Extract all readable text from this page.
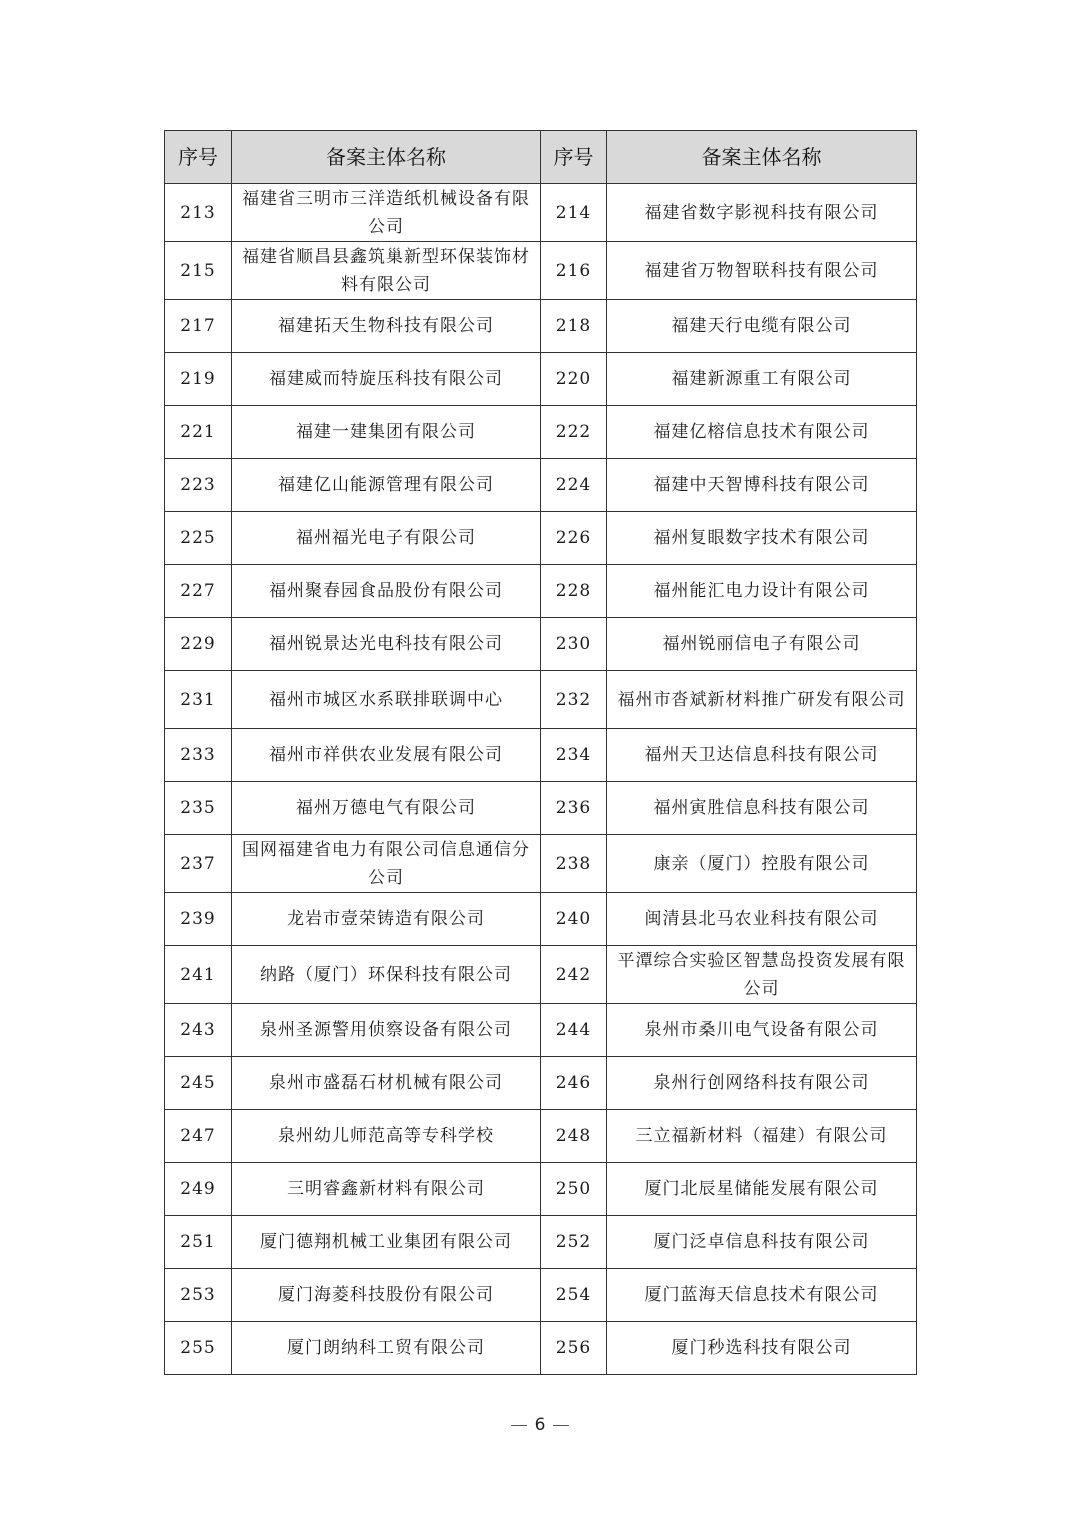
序号	备案主体名称	序号	备案主体名称
213	福建省三明市三洋造纸机械设备有限公司	214	福建省数字影视科技有限公司
215	福建省顺昌县鑫筑巢新型环保装饰材料有限公司	216	福建省万物智联科技有限公司
217	福建拓天生物科技有限公司	218	福建天行电缆有限公司
219	福建威而特旋压科技有限公司	220	福建新源重工有限公司
221	福建一建集团有限公司	222	福建亿榕信息技术有限公司
223	福建亿山能源管理有限公司	224	福建中天智博科技有限公司
225	福州福光电子有限公司	226	福州复眼数字技术有限公司
227	福州聚春园食品股份有限公司	228	福州能汇电力设计有限公司
229	福州锐景达光电科技有限公司	230	福州锐丽信电子有限公司
231	福州市城区水系联排联调中心	232	福州市沓斌新材料推广研发有限公司
233	福州市祥供农业发展有限公司	234	福州天卫达信息科技有限公司
235	福州万德电气有限公司	236	福州寅胜信息科技有限公司
237	国网福建省电力有限公司信息通信分公司	238	康亲（厦门）控股有限公司
239	龙岩市壹荣铸造有限公司	240	闽清县北马农业科技有限公司
241	纳路（厦门）环保科技有限公司	242	平潭综合实验区智慧岛投资发展有限公司
243	泉州圣源警用侦察设备有限公司	244	泉州市桑川电气设备有限公司
245	泉州市盛磊石材机械有限公司	246	泉州行创网络科技有限公司
247	泉州幼儿师范高等专科学校	248	三立福新材料（福建）有限公司
249	三明睿鑫新材料有限公司	250	厦门北辰星储能发展有限公司
251	厦门德翔机械工业集团有限公司	252	厦门泛卓信息科技有限公司
253	厦门海菱科技股份有限公司	254	厦门蓝海天信息技术有限公司
255	厦门朗纳科工贸有限公司	256	厦门秒选科技有限公司
6
